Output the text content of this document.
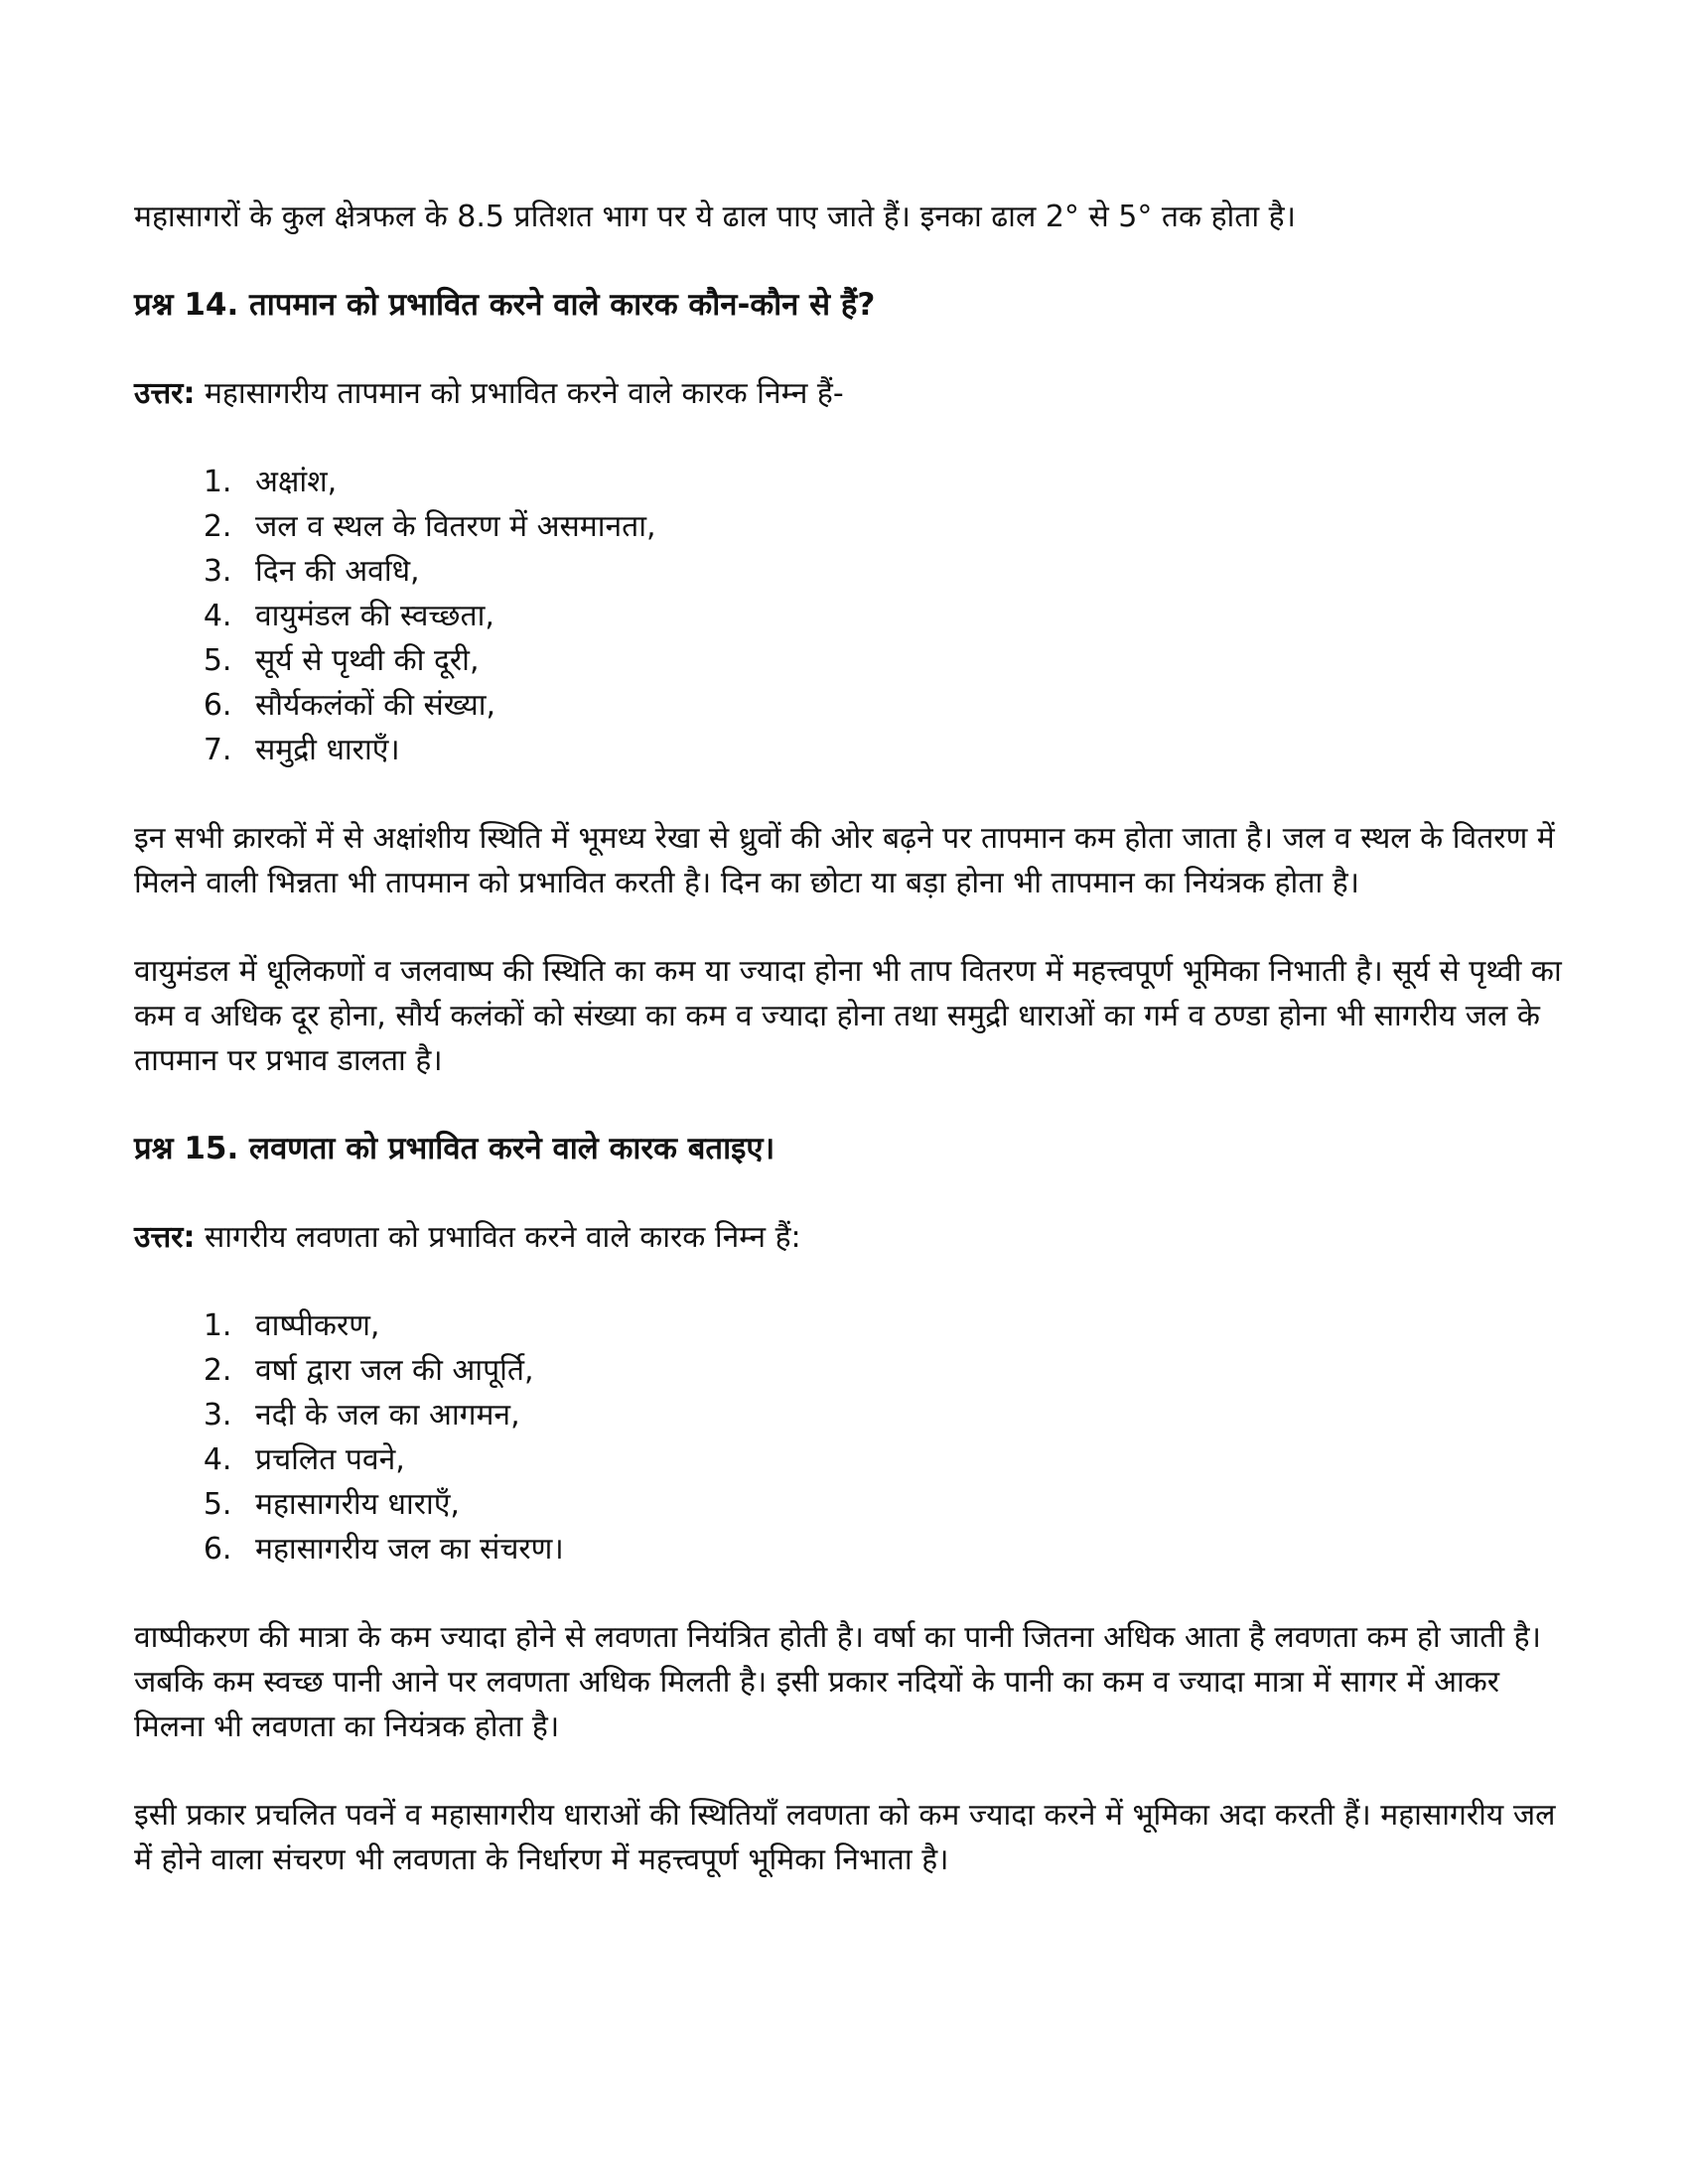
महासागरों के कुल क्षेत्रफल के 8.5 प्रतिशत भाग पर ये ढाल पाए जाते हैं। इनका ढाल 2° से 5° तक होता है।

प्रश्न 14. तापमान को प्रभावित करने वाले कारक कौन-कौन से हैं?

उत्तर: महासागरीय तापमान को प्रभावित करने वाले कारक निम्न हैं-

1. अक्षांश,
2. जल व स्थल के वितरण में असमानता,
3. दिन की अवधि,
4. वायुमंडल की स्वच्छता,
5. सूर्य से पृथ्वी की दूरी,
6. सौर्यकलंकों की संख्या,
7. समुद्री धाराएँ।

इन सभी क्रारकों में से अक्षांशीय स्थिति में भूमध्य रेखा से ध्रुवों की ओर बढ़ने पर तापमान कम होता जाता है। जल व स्थल के वितरण में मिलने वाली भिन्नता भी तापमान को प्रभावित करती है। दिन का छोटा या बड़ा होना भी तापमान का नियंत्रक होता है।

वायुमंडल में धूलिकणों व जलवाष्प की स्थिति का कम या ज्यादा होना भी ताप वितरण में महत्त्वपूर्ण भूमिका निभाती है। सूर्य से पृथ्वी का कम व अधिक दूर होना, सौर्य कलंकों को संख्या का कम व ज्यादा होना तथा समुद्री धाराओं का गर्म व ठण्डा होना भी सागरीय जल के तापमान पर प्रभाव डालता है।

प्रश्न 15. लवणता को प्रभावित करने वाले कारक बताइए।

उत्तर: सागरीय लवणता को प्रभावित करने वाले कारक निम्न हैं:

1. वाष्पीकरण,
2. वर्षा द्वारा जल की आपूर्ति,
3. नदी के जल का आगमन,
4. प्रचलित पवने,
5. महासागरीय धाराएँ,
6. महासागरीय जल का संचरण।

वाष्पीकरण की मात्रा के कम ज्यादा होने से लवणता नियंत्रित होती है। वर्षा का पानी जितना अधिक आता है लवणता कम हो जाती है। जबकि कम स्वच्छ पानी आने पर लवणता अधिक मिलती है। इसी प्रकार नदियों के पानी का कम व ज्यादा मात्रा में सागर में आकर मिलना भी लवणता का नियंत्रक होता है।

इसी प्रकार प्रचलित पवनें व महासागरीय धाराओं की स्थितियाँ लवणता को कम ज्यादा करने में भूमिका अदा करती हैं। महासागरीय जल में होने वाला संचरण भी लवणता के निर्धारण में महत्त्वपूर्ण भूमिका निभाता है।
